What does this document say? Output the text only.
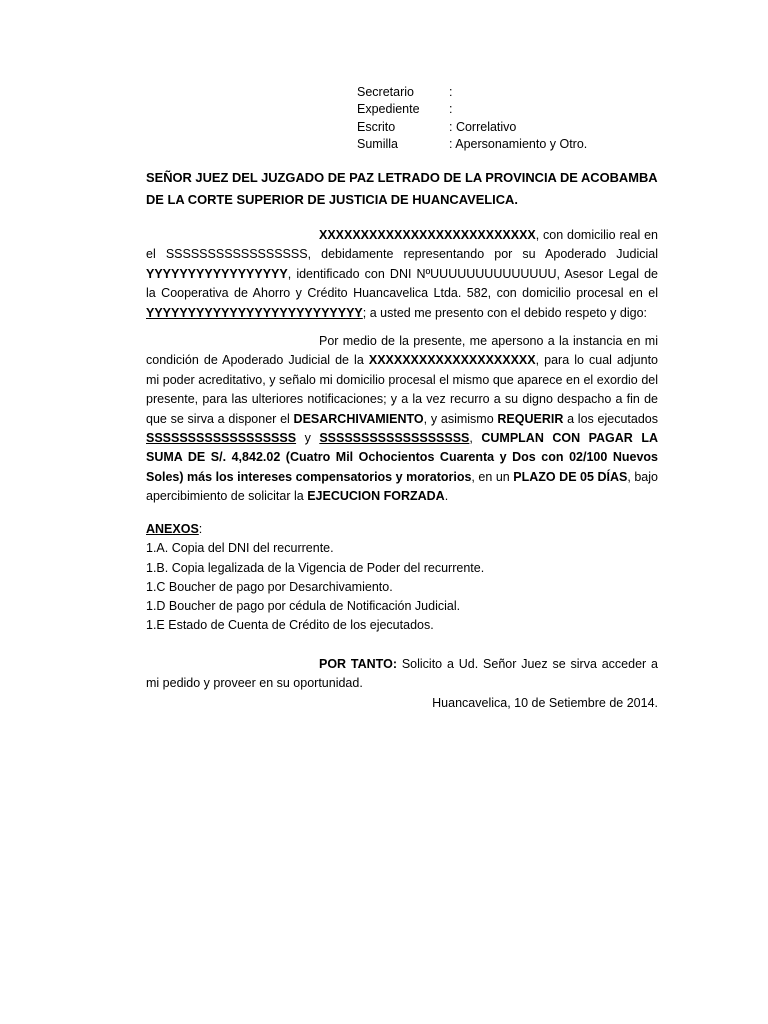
Secretario	:
Expediente	:
Escrito	: Correlativo
Sumilla	: Apersonamiento y Otro.
SEÑOR JUEZ DEL JUZGADO DE PAZ LETRADO DE LA PROVINCIA DE ACOBAMBA DE LA CORTE SUPERIOR DE JUSTICIA DE HUANCAVELICA.
XXXXXXXXXXXXXXXXXXXXXXXXXX, con domicilio real en el SSSSSSSSSSSSSSSSS, debidamente representando por su Apoderado Judicial YYYYYYYYYYYYYYYYY, identificado con DNI NºUUUUUUUUUUUUUU, Asesor Legal de la Cooperativa de Ahorro y Crédito Huancavelica Ltda. 582, con domicilio procesal en el YYYYYYYYYYYYYYYYYYYYYYYYYY; a usted me presento con el debido respeto y digo:
Por medio de la presente, me apersono a la instancia en mi condición de Apoderado Judicial de la XXXXXXXXXXXXXXXXXXXX, para lo cual adjunto mi poder acreditativo, y señalo mi domicilio procesal el mismo que aparece en el exordio del presente, para las ulteriores notificaciones; y a la vez recurro a su digno despacho a fin de que se sirva a disponer el DESARCHIVAMIENTO, y asimismo REQUERIR a los ejecutados SSSSSSSSSSSSSSSSSS y SSSSSSSSSSSSSSSSSS, CUMPLAN CON PAGAR LA SUMA DE S/. 4,842.02 (Cuatro Mil Ochocientos Cuarenta y Dos con 02/100 Nuevos Soles) más los intereses compensatorios y moratorios, en un PLAZO DE 05 DÍAS, bajo apercibimiento de solicitar la EJECUCION FORZADA.
ANEXOS:
1.A. Copia del DNI del recurrente.
1.B. Copia legalizada de la Vigencia de Poder del recurrente.
1.C Boucher de pago por Desarchivamiento.
1.D Boucher de pago por cédula de Notificación Judicial.
1.E Estado de Cuenta de Crédito de los ejecutados.
POR TANTO: Solicito a Ud. Señor Juez se sirva acceder a mi pedido y proveer en su oportunidad.
Huancavelica, 10 de Setiembre de 2014.
